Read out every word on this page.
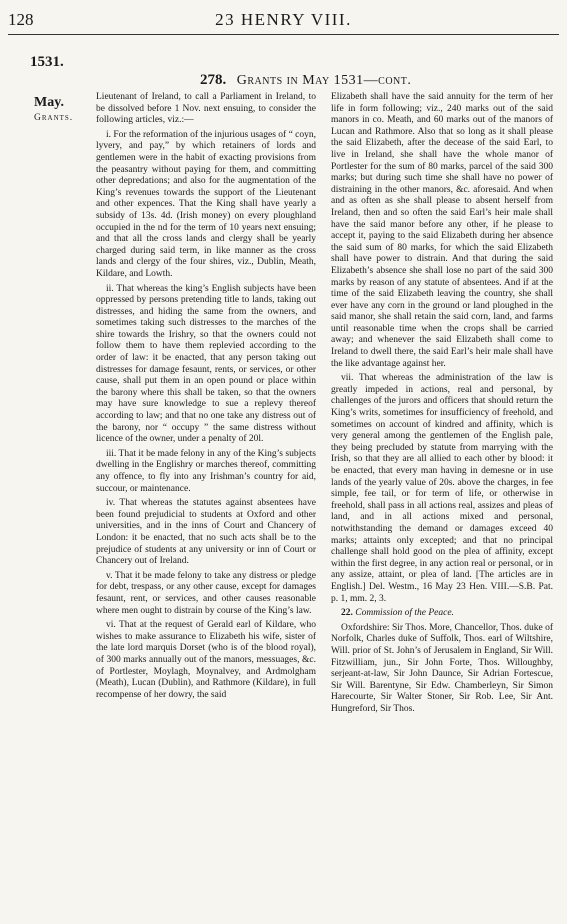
128	23 HENRY VIII.
1531.
May.
Grants.
278. Grants in May 1531—cont.

Lieutenant of Ireland, to call a Parliament in Ireland, to be dissolved before 1 Nov. next ensuing, to consider the following articles, viz.:—

i. For the reformation of the injurious usages of “ coyn, lyvery, and pay,” by which retainers of lords and gentlemen were in the habit of exacting provisions from the peasantry without paying for them, and committing other depredations; and also for the augmentation of the King’s revenues towards the support of the Lieutenant and other expences. That the King shall have yearly a subsidy of 13s. 4d. (Irish money) on every ploughland occupied in the nd for the term of 10 years next ensuing; and that all the cross lands and clergy shall be yearly charged during said term, in like manner as the cross lands and clergy of the four shires, viz., Dublin, Meath, Kildare, and Lowth.

ii. That whereas the king’s English subjects have been oppressed by persons pretending title to lands, taking out distresses, and hiding the same from the owners, and sometimes taking such distresses to the marches of the shire towards the Irishry, so that the owners could not follow them to have them replevied according to the order of law: it be enacted, that any person taking out distresses for damage fesaunt, rents, or services, or other cause, shall put them in an open pound or place within the barony where this shall be taken, so that the owners may have sure knowledge to sue a replevy thereof according to law; and that no one take any distress out of the barony, nor “ occupy ” the same distress without licence of the owner, under a penalty of 20l.

iii. That it be made felony in any of the King’s subjects dwelling in the Englishry or marches thereof, committing any offence, to fly into any Irishman’s country for aid, succour, or maintenance.

iv. That whereas the statutes against absentees have been found prejudicial to students at Oxford and other universities, and in the inns of Court and Chancery of London: it be enacted, that no such acts shall be to the prejudice of students at any university or inn of Court or Chancery out of Ireland.

v. That it be made felony to take any distress or pledge for debt, trespass, or any other cause, except for damages fesaunt, rent, or services, and other causes reasonable where men ought to distrain by course of the King’s law.

vi. That at the request of Gerald earl of Kildare, who wishes to make assurance to Elizabeth his wife, sister of the late lord marquis Dorset (who is of the blood royal), of 300 marks annually out of the manors, messuages, &c. of Portlester, Moylagh, Moynalvey, and Ardmolgham (Meath), Lucan (Dublin), and Rathmore (Kildare), in full recompense of her dowry, the said

Elizabeth shall have the said annuity for the term of her life in form following; viz., 240 marks out of the said manors in co. Meath, and 60 marks out of the manors of Lucan and Rathmore. Also that so long as it shall please the said Elizabeth, after the decease of the said Earl, to live in Ireland, she shall have the whole manor of Portlester for the sum of 80 marks, parcel of the said 300 marks; but during such time she shall have no power of distraining in the other manors, &c. aforesaid. And when and as often as she shall please to absent herself from Ireland, then and so often the said Earl’s heir male shall have the said manor before any other, if he please to accept it, paying to the said Elizabeth during her absence the said sum of 80 marks, for which the said Elizabeth shall have power to distrain. And that during the said Elizabeth’s absence she shall lose no part of the said 300 marks by reason of any statute of absentees. And if at the time of the said Elizabeth leaving the country, she shall ever have any corn in the ground or land ploughed in the said manor, she shall retain the said corn, land, and farms until reasonable time when the crops shall be carried away; and whenever the said Elizabeth shall come to Ireland to dwell there, the said Earl’s heir male shall have the like advantage against her.

vii. That whereas the administration of the law is greatly impeded in actions, real and personal, by challenges of the jurors and officers that should return the King’s writs, sometimes for insufficiency of freehold, and sometimes on account of kindred and affinity, which is very general among the gentlemen of the English pale, they being precluded by statute from marrying with the Irish, so that they are all allied to each other by blood: it be enacted, that every man having in demesne or in use lands of the yearly value of 20s. above the charges, in fee simple, fee tail, or for term of life, or otherwise in freehold, shall pass in all actions real, assizes and pleas of land, and in all actions mixed and personal, notwithstanding the demand or damages exceed 40 marks; attaints only excepted; and that no principal challenge shall hold good on the plea of affinity, except within the first degree, in any action real or personal, or in any assize, attaint, or plea of land. [The articles are in English.] Del. Westm., 16 May 23 Hen. VIII.—S.B. Pat. p. 1, mm. 2, 3.

22. Commission of the Peace.

Oxfordshire: Sir Thos. More, Chancellor, Thos. duke of Norfolk, Charles duke of Suffolk, Thos. earl of Wiltshire, Will. prior of St. John’s of Jerusalem in England, Sir Will. Fitzwilliam, jun., Sir John Forte, Thos. Willoughby, serjeant-at-law, Sir John Daunce, Sir Adrian Fortescue, Sir Will. Barentyne, Sir Edw. Chamberleyn, Sir Simon Harecourte, Sir Walter Stoner, Sir Rob. Lee, Sir Ant. Hungreford, Sir Thos.
